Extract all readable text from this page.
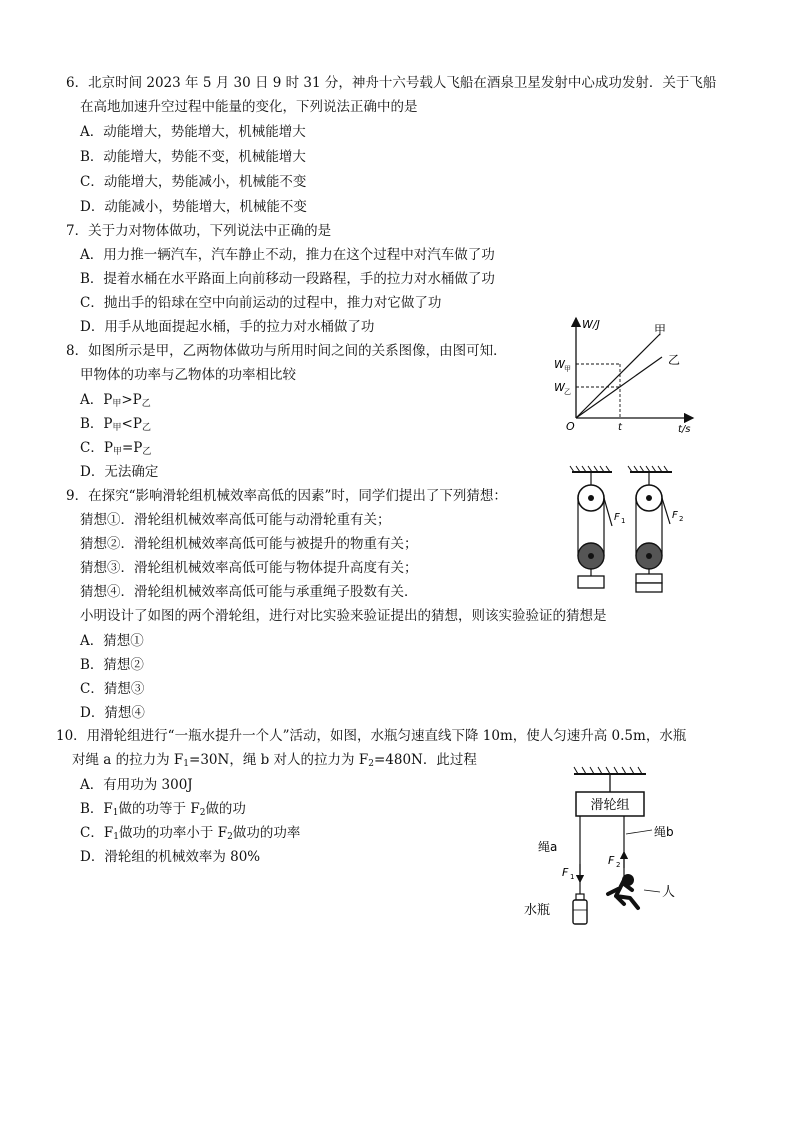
6．北京时间 2023 年 5 月 30 日 9 时 31 分，神舟十六号载人飞船在酒泉卫星发射中心成功发射．关于飞船
在高地加速升空过程中能量的变化，下列说法正确中的是
A．动能增大，势能增大，机械能增大
B．动能增大，势能不变，机械能增大
C．动能增大，势能减小，机械能不变
D．动能减小，势能增大，机械能不变
7．关于力对物体做功，下列说法中正确的是
A．用力推一辆汽车，汽车静止不动，推力在这个过程中对汽车做了功
B．提着水桶在水平路面上向前移动一段路程，手的拉力对水桶做了功
C．抛出手的铅球在空中向前运动的过程中，推力对它做了功
D．用手从地面提起水桶，手的拉力对水桶做了功
8．如图所示是甲，乙两物体做功与所用时间之间的关系图像，由图可知．
甲物体的功率与乙物体的功率相比较
A．$P_甲>P_乙$
B．$P_甲<P_乙$
C．$P_甲=P_乙$
D．无法确定
W/J
t/s
O	t
W 甲
W 乙
甲
乙
9．在探究“影响滑轮组机械效率高低的因素”时，同学们提出了下列猜想：
猜想①．滑轮组机械效率高低可能与动滑轮重有关；
猜想②．滑轮组机械效率高低可能与被提升的物重有关；
猜想③．滑轮组机械效率高低可能与物体提升高度有关；
猜想④．滑轮组机械效率高低可能与承重绳子股数有关．
小明设计了如图的两个滑轮组，进行对比实验来验证提出的猜想，则该实验验证的猜想是
A．猜想①
B．猜想②
C．猜想③
D．猜想④
F 1	F 2
10．用滑轮组进行“一瓶水提升一个人”活动，如图，水瓶匀速直线下降 10m，使人匀速升高 0.5m，水瓶
对绳 a 的拉力为 $F_1=30N$，绳 b 对人的拉力为 $F_2=480N$．此过程
A．有用功为 300J
B．$F_1$做的功等于 $F_2$做的功
C．$F_1$做功的功率小于 $F_2$做功的功率
D．滑轮组的机械效率为 80%
滑轮组
绳a
绳b
F 1
F 2
水瓶
人
